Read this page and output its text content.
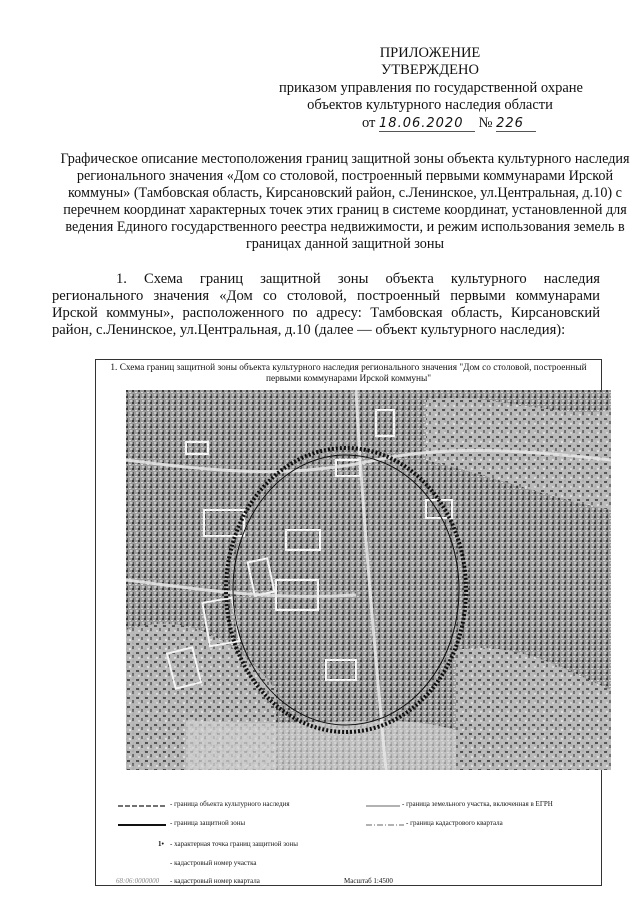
ПРИЛОЖЕНИЕ
УТВЕРЖДЕНО
приказом управления по государственной охране
объектов культурного наследия области
от 18.06.2020 № 226
Графическое описание местоположения границ защитной зоны объекта культурного наследия регионального значения «Дом со столовой, построенный первыми коммунарами Ирской коммуны» (Тамбовская область, Кирсановский район, с.Ленинское, ул.Центральная, д.10) с перечнем координат характерных точек этих границ в системе координат, установленной для ведения Единого государственного реестра недвижимости, и режим использования земель в границах данной защитной зоны
1. Схема границ защитной зоны объекта культурного наследия регионального значения «Дом со столовой, построенный первыми коммунарами Ирской коммуны», расположенного по адресу: Тамбовская область, Кирсановский район, с.Ленинское, ул.Центральная, д.10 (далее — объект культурного наследия):
1. Схема границ защитной зоны объекта культурного наследия регионального значения "Дом со столовой, построенный первыми коммунарами Ирской коммуны"
- граница объекта культурного наследия
- граница защитной зоны
1• - характерная точка границ защитной зоны
- кадастровый номер участка
68:06:0000000 - кадастровый номер квартала
- граница земельного участка, включенная в ЕГРН
- граница кадастрового квартала
Масштаб 1:4500
